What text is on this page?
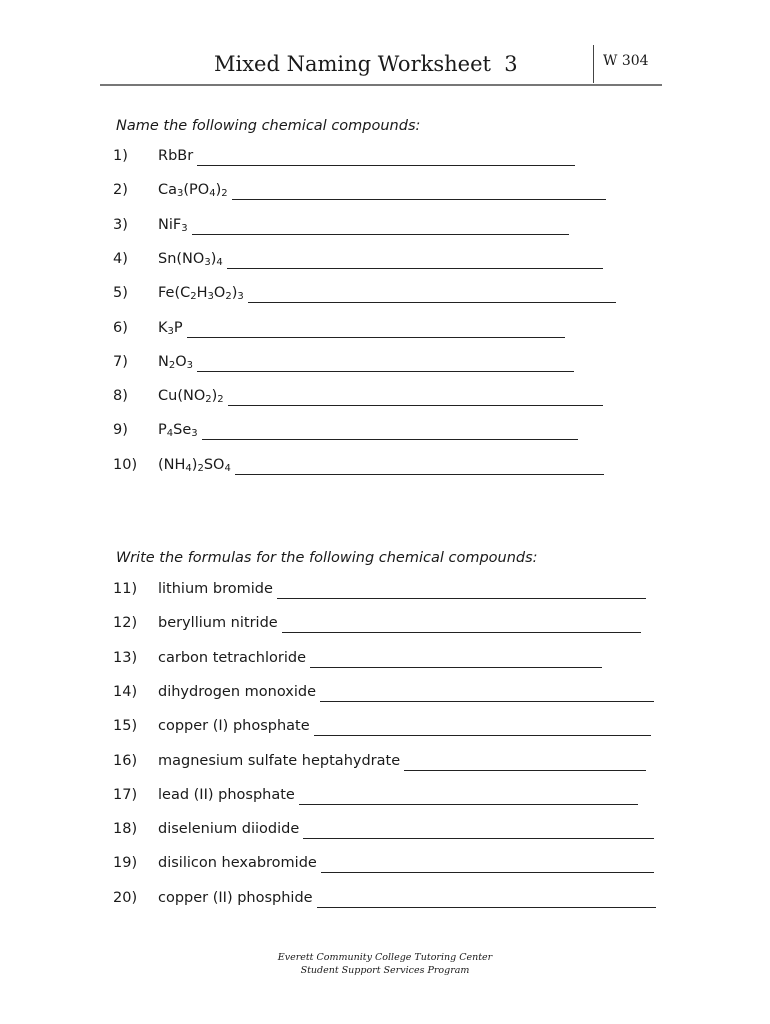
Mixed Naming Worksheet  3	W 304
Name the following chemical compounds:
1) RbBr
2) $Ca_3(PO_4)_2$
3) NiF$_3$
4) $Sn(NO_3)_4$
5) $Fe(C_2H_3O_2)_3$
6) $K_3P$
7) $N_2O_3$
8) $Cu(NO_2)_2$
9) $P_4Se_3$
10) $(NH_4)_2SO_4$
Write the formulas for the following chemical compounds:
11) lithium bromide
12) beryllium nitride
13) carbon tetrachloride
14) dihydrogen monoxide
15) copper (I) phosphate
16) magnesium sulfate heptahydrate
17) lead (II) phosphate
18) diselenium diiodide
19) disilicon hexabromide
20) copper (II) phosphide
Everett Community College Tutoring Center
Student Support Services Program
